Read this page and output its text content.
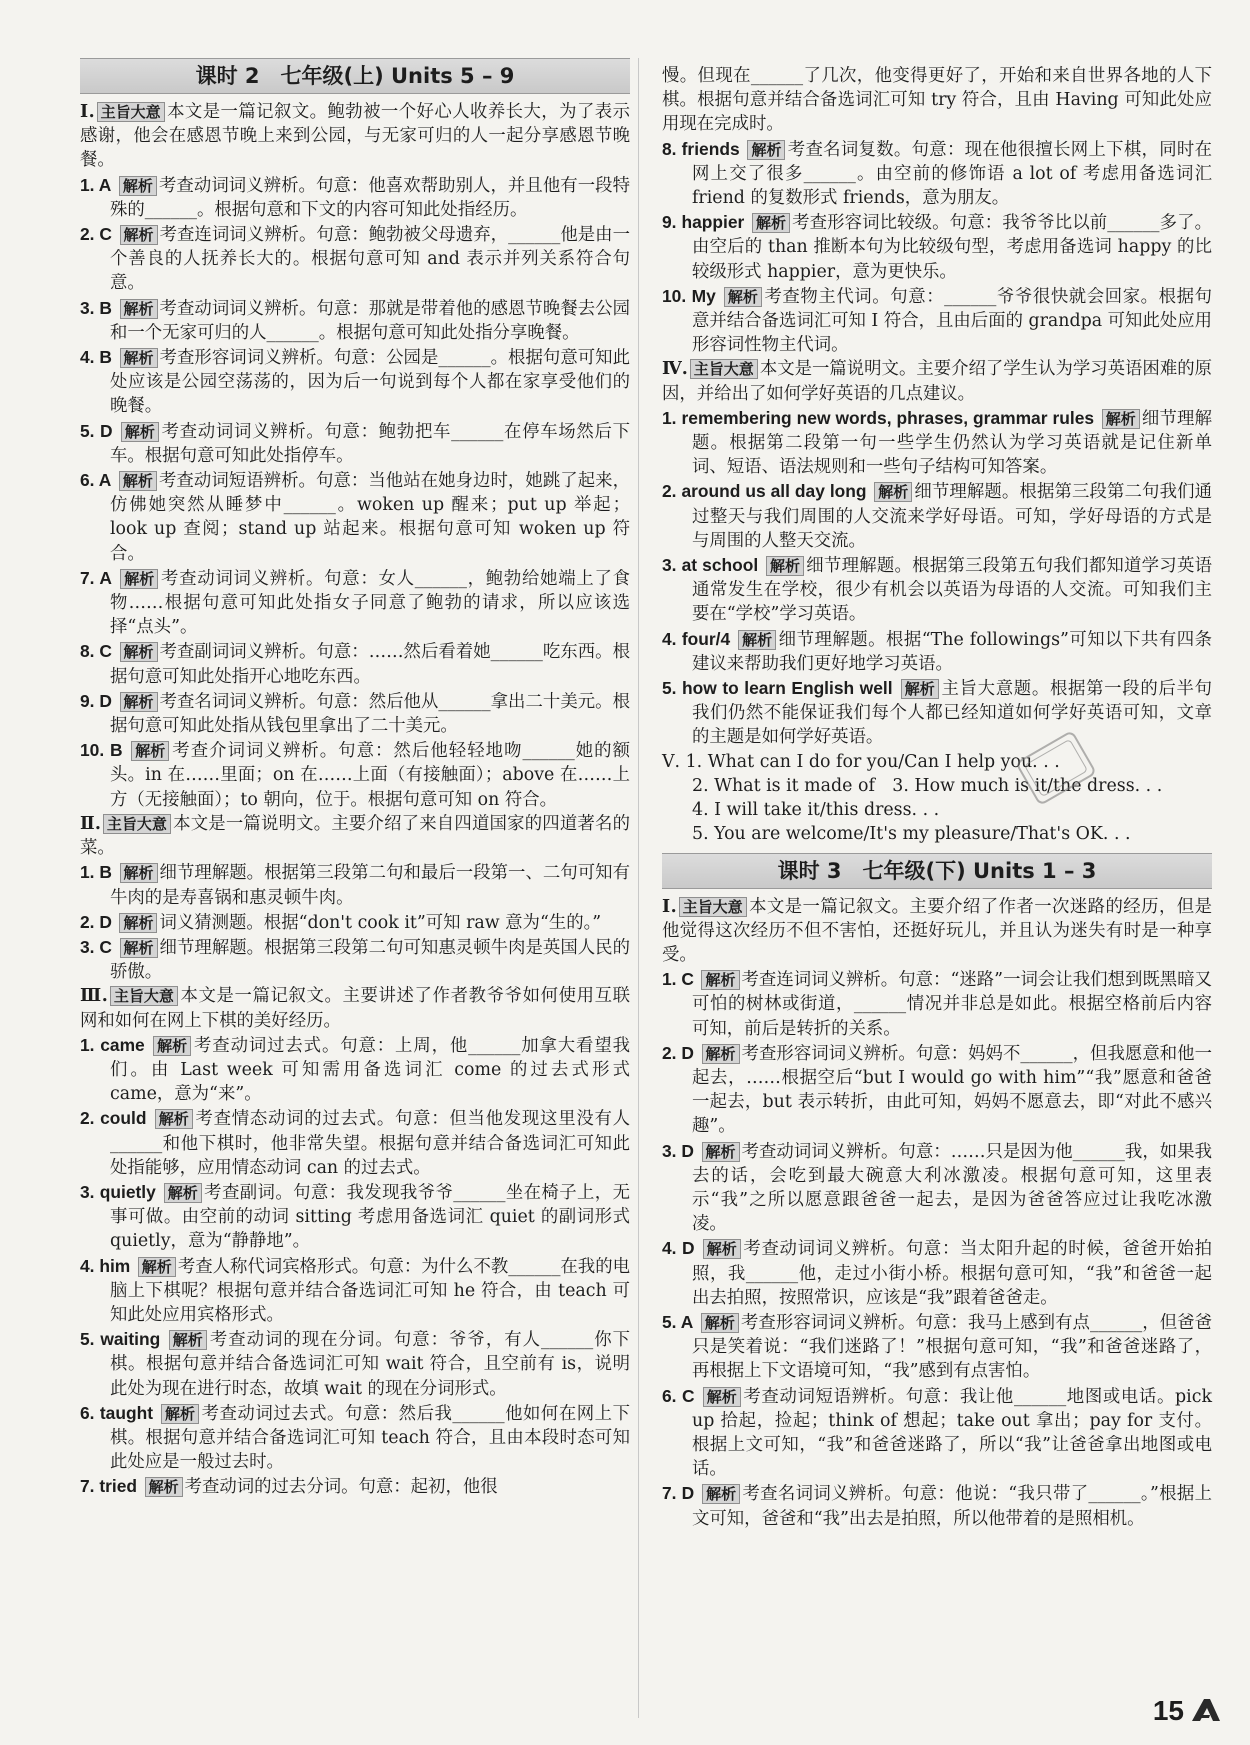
课时 2　七年级(上) Units 5 – 9

Ⅰ. 主旨大意 本文是一篇记叙文。鲍勃被一个好心人收养长大，为了表示感谢，他会在感恩节晚上来到公园，与无家可归的人一起分享感恩节晚餐。

1. A 解析 考查动词词义辨析。句意：他喜欢帮助别人，并且他有一段特殊的______。根据句意和下文的内容可知此处指经历。

2. C 解析 考查连词词义辨析。句意：鲍勃被父母遗弃，______他是由一个善良的人抚养长大的。根据句意可知 and 表示并列关系符合句意。

3. B 解析 考查动词词义辨析。句意：那就是带着他的感恩节晚餐去公园和一个无家可归的人______。根据句意可知此处指分享晚餐。

4. B 解析 考查形容词词义辨析。句意：公园是______。根据句意可知此处应该是公园空荡荡的，因为后一句说到每个人都在家享受他们的晚餐。

5. D 解析 考查动词词义辨析。句意：鲍勃把车______在停车场然后下车。根据句意可知此处指停车。

6. A 解析 考查动词短语辨析。句意：当他站在她身边时，她跳了起来，仿佛她突然从睡梦中______。woken up 醒来；put up 举起；look up 查阅；stand up 站起来。根据句意可知 woken up 符合。

7. A 解析 考查动词词义辨析。句意：女人______，鲍勃给她端上了食物……根据句意可知此处指女子同意了鲍勃的请求，所以应该选择“点头”。

8. C 解析 考查副词词义辨析。句意：……然后看着她______吃东西。根据句意可知此处指开心地吃东西。

9. D 解析 考查名词词义辨析。句意：然后他从______拿出二十美元。根据句意可知此处指从钱包里拿出了二十美元。

10. B 解析 考查介词词义辨析。句意：然后他轻轻地吻______她的额头。in 在……里面；on 在……上面（有接触面）；above 在……上方（无接触面）；to 朝向，位于。根据句意可知 on 符合。

Ⅱ. 主旨大意 本文是一篇说明文。主要介绍了来自四道国家的四道著名的菜。

1. B 解析 细节理解题。根据第三段第二句和最后一段第一、二句可知有牛肉的是寿喜锅和惠灵顿牛肉。

2. D 解析 词义猜测题。根据“don't cook it”可知 raw 意为“生的。”

3. C 解析 细节理解题。根据第三段第二句可知惠灵顿牛肉是英国人民的骄傲。

Ⅲ. 主旨大意 本文是一篇记叙文。主要讲述了作者教爷爷如何使用互联网和如何在网上下棋的美好经历。

1. came 解析 考查动词过去式。句意：上周，他______加拿大看望我们。由 Last week 可知需用备选词汇 come 的过去式形式 came，意为“来”。

2. could 解析 考查情态动词的过去式。句意：但当他发现这里没有人______和他下棋时，他非常失望。根据句意并结合备选词汇可知此处指能够，应用情态动词 can 的过去式。

3. quietly 解析 考查副词。句意：我发现我爷爷______坐在椅子上，无事可做。由空前的动词 sitting 考虑用备选词汇 quiet 的副词形式 quietly，意为“静静地”。

4. him 解析 考查人称代词宾格形式。句意：为什么不教______在我的电脑上下棋呢？根据句意并结合备选词汇可知 he 符合，由 teach 可知此处应用宾格形式。

5. waiting 解析 考查动词的现在分词。句意：爷爷，有人______你下棋。根据句意并结合备选词汇可知 wait 符合，且空前有 is，说明此处为现在进行时态，故填 wait 的现在分词形式。

6. taught 解析 考查动词过去式。句意：然后我______他如何在网上下棋。根据句意并结合备选词汇可知 teach 符合，且由本段时态可知此处应是一般过去时。

7. tried 解析 考查动词的过去分词。句意：起初，他很

慢。但现在______了几次，他变得更好了，开始和来自世界各地的人下棋。根据句意并结合备选词汇可知 try 符合，且由 Having 可知此处应用现在完成时。

8. friends 解析 考查名词复数。句意：现在他很擅长网上下棋，同时在网上交了很多______。由空前的修饰语 a lot of 考虑用备选词汇 friend 的复数形式 friends，意为朋友。

9. happier 解析 考查形容词比较级。句意：我爷爷比以前______多了。由空后的 than 推断本句为比较级句型，考虑用备选词 happy 的比较级形式 happier，意为更快乐。

10. My 解析 考查物主代词。句意：______爷爷很快就会回家。根据句意并结合备选词汇可知 I 符合，且由后面的 grandpa 可知此处应用形容词性物主代词。

Ⅳ. 主旨大意 本文是一篇说明文。主要介绍了学生认为学习英语困难的原因，并给出了如何学好英语的几点建议。

1. remembering new words, phrases, grammar rules 解析 细节理解题。根据第二段第一句一些学生仍然认为学习英语就是记住新单词、短语、语法规则和一些句子结构可知答案。

2. around us all day long 解析 细节理解题。根据第三段第二句我们通过整天与我们周围的人交流来学好母语。可知，学好母语的方式是与周围的人整天交流。

3. at school 解析 细节理解题。根据第三段第五句我们都知道学习英语通常发生在学校，很少有机会以英语为母语的人交流。可知我们主要在“学校”学习英语。

4. four/4 解析 细节理解题。根据“The followings”可知以下共有四条建议来帮助我们更好地学习英语。

5. how to learn English well 解析 主旨大意题。根据第一段的后半句我们仍然不能保证我们每个人都已经知道如何学好英语可知，文章的主题是如何学好英语。

Ⅴ. 1. What can I do for you/Can I help you. . .

2. What is it made of　3. How much is it/the dress. . .

4. I will take it/this dress. . .

5. You are welcome/It's my pleasure/That's OK. . .

课时 3　七年级(下) Units 1 – 3

Ⅰ. 主旨大意 本文是一篇记叙文。主要介绍了作者一次迷路的经历，但是他觉得这次经历不但不害怕，还挺好玩儿，并且认为迷失有时是一种享受。

1. C 解析 考查连词词义辨析。句意：“迷路”一词会让我们想到既黑暗又可怕的树林或街道，______情况并非总是如此。根据空格前后内容可知，前后是转折的关系。

2. D 解析 考查形容词词义辨析。句意：妈妈不______，但我愿意和他一起去，……根据空后“but I would go with him”“我”愿意和爸爸一起去，but 表示转折，由此可知，妈妈不愿意去，即“对此不感兴趣”。

3. D 解析 考查动词词义辨析。句意：……只是因为他______我，如果我去的话，会吃到最大碗意大利冰激凌。根据句意可知，这里表示“我”之所以愿意跟爸爸一起去，是因为爸爸答应过让我吃冰激凌。

4. D 解析 考查动词词义辨析。句意：当太阳升起的时候，爸爸开始拍照，我______他，走过小街小桥。根据句意可知，“我”和爸爸一起出去拍照，按照常识，应该是“我”跟着爸爸走。

5. A 解析 考查形容词词义辨析。句意：我马上感到有点______，但爸爸只是笑着说：“我们迷路了！”根据句意可知，“我”和爸爸迷路了，再根据上下文语境可知，“我”感到有点害怕。

6. C 解析 考查动词短语辨析。句意：我让他______地图或电话。pick up 拾起，捡起；think of 想起；take out 拿出；pay for 支付。根据上文可知，“我”和爸爸迷路了，所以“我”让爸爸拿出地图或电话。

7. D 解析 考查名词词义辨析。句意：他说：“我只带了______。”根据上文可知，爸爸和“我”出去是拍照，所以他带着的是照相机。

15
